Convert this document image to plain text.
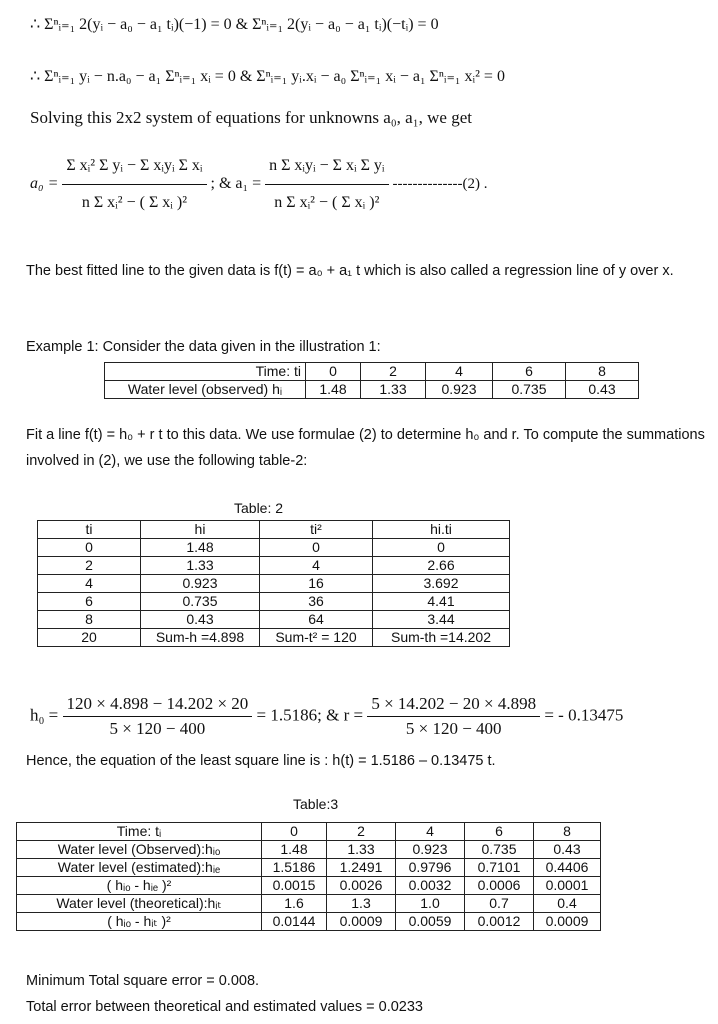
∴ Σⁿᵢ₌₁ 2(yᵢ − a₀ − a₁ tᵢ)(−1) = 0 & Σⁿᵢ₌₁ 2(yᵢ − a₀ − a₁ tᵢ)(−tᵢ) = 0
∴ Σⁿᵢ₌₁ yᵢ − n.a₀ − a₁ Σⁿᵢ₌₁ xᵢ = 0 & Σⁿᵢ₌₁ yᵢ.xᵢ − a₀ Σⁿᵢ₌₁ xᵢ − a₁ Σⁿᵢ₌₁ xᵢ² = 0
Solving this 2x2 system of equations for unknowns a₀, a₁, we get
$a_0 = \frac{\text{Σ xᵢ² Σ yᵢ − Σ xᵢyᵢ Σ xᵢ}}{\text{n Σ xᵢ² − ( Σ xᵢ )²}}$ ; & $a_1 = \frac{\text{n Σ xᵢyᵢ − Σ xᵢ Σ yᵢ}}{\text{n Σ xᵢ² − ( Σ xᵢ )²}} --------------(2)$ .
The best fitted line to the given data is f(t) = a₀ + a₁ t which is also called a regression line of y over x.
Example 1: Consider the data given in the illustration 1:
Time: ti	0	2	4	6	8
Water level (observed) hᵢ	1.48	1.33	0.923	0.735	0.43
Fit a line f(t) = h₀ + r t to this data. We use formulae (2) to determine h₀ and r. To compute the summations involved in (2), we use the following table-2:
Table: 2
ti	hi	ti²	hi.ti
0	1.48	0	0
2	1.33	4	2.66
4	0.923	16	3.692
6	0.735	36	4.41
8	0.43	64	3.44
20	Sum-h =4.898	Sum-t² = 120	Sum-th =14.202
$h_0 = \frac{120 \times 4.898 - 14.202 \times 20}{5 \times 120 - 400} = 1.5186$; & $r = \frac{5 \times 14.202 - 20 \times 4.898}{5 \times 120 - 400}$ = - 0.13475
Hence, the equation of the least square line is : h(t) = 1.5186 – 0.13475 t.
Table:3
Time: tᵢ	0	2	4	6	8
Water level (Observed):hᵢₒ	1.48	1.33	0.923	0.735	0.43
Water level (estimated):hᵢₑ	1.5186	1.2491	0.9796	0.7101	0.4406
( hᵢₒ - hᵢₑ )²	0.0015	0.0026	0.0032	0.0006	0.0001
Water level (theoretical):hᵢₜ	1.6	1.3	1.0	0.7	0.4
( hᵢₒ - hᵢₜ )²	0.0144	0.0009	0.0059	0.0012	0.0009
Minimum Total square error = 0.008.
Total error between theoretical and estimated values = 0.0233
